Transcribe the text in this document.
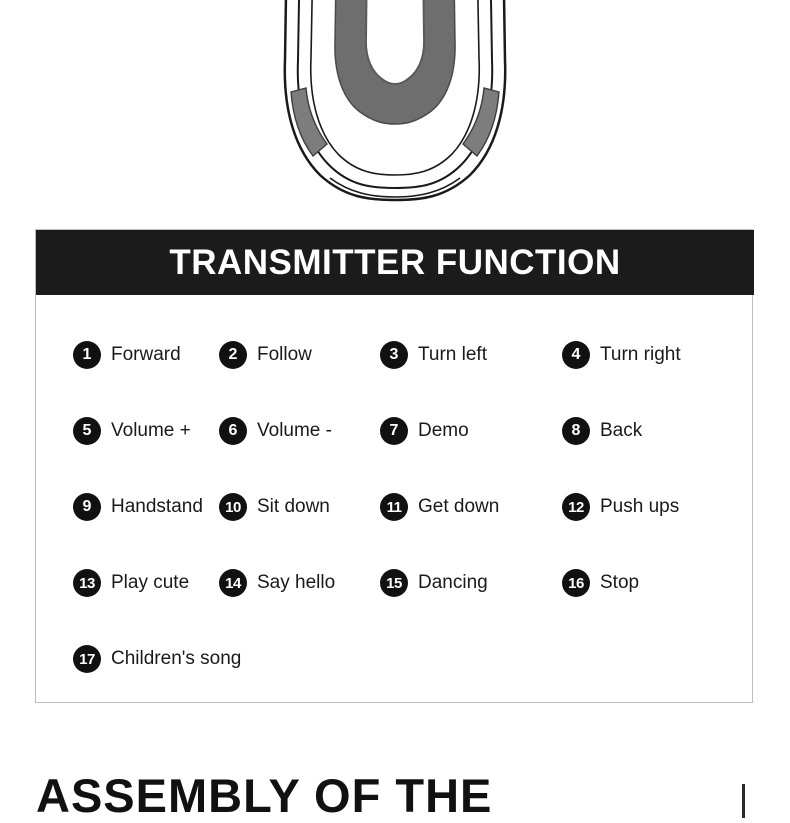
TRANSMITTER FUNCTION
1	Forward	2	Follow	3	Turn left	4	Turn right
5	Volume +	6	Volume -	7	Demo	8	Back
9	Handstand	10 Sit down	11 Get down	12 Push ups
13 Play cute	14 Say hello	15 Dancing	16 Stop
17 Children's song
ASSEMBLY OF THE
